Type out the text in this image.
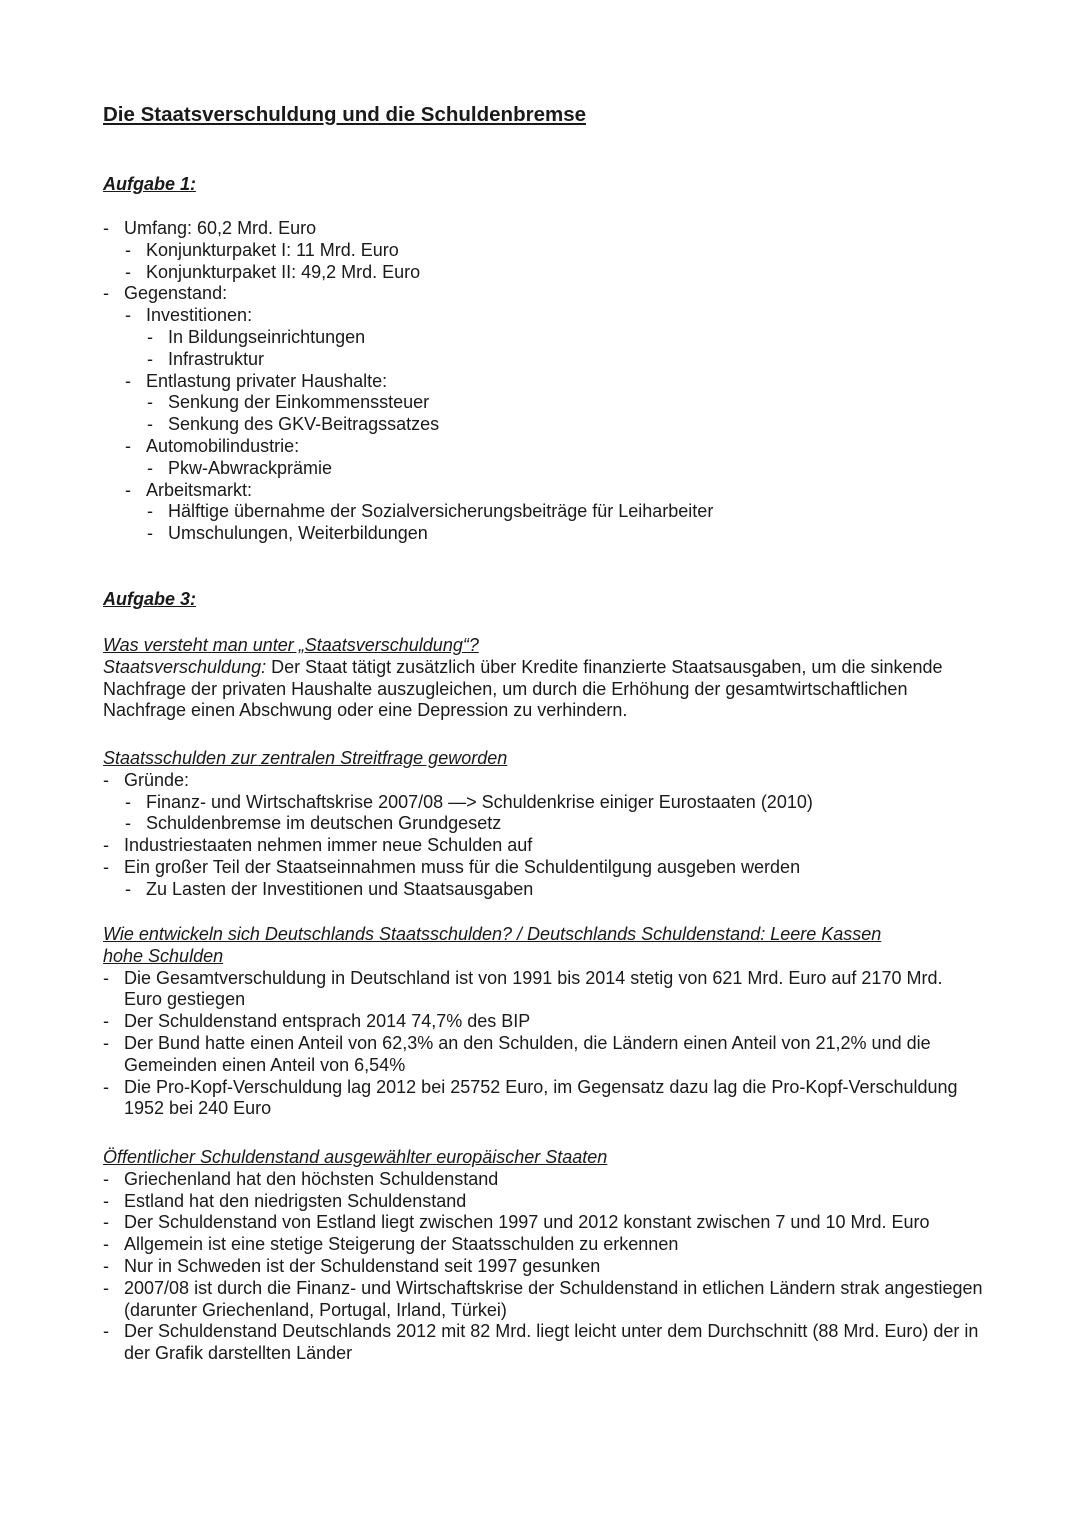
Die Staatsverschuldung und die Schuldenbremse
Aufgabe 1:
- Umfang: 60,2 Mrd. Euro
- Konjunkturpaket I: 11 Mrd. Euro
- Konjunkturpaket II: 49,2 Mrd. Euro
- Gegenstand:
- Investitionen:
- In Bildungseinrichtungen
- Infrastruktur
- Entlastung privater Haushalte:
- Senkung der Einkommenssteuer
- Senkung des GKV-Beitragssatzes
- Automobilindustrie:
- Pkw-Abwrackprämie
- Arbeitsmarkt:
- Hälftige übernahme der Sozialversicherungsbeiträge für Leiharbeiter
- Umschulungen, Weiterbildungen
Aufgabe 3:
Was versteht man unter „Staatsverschuldung“?
Staatsverschuldung: Der Staat tätigt zusätzlich über Kredite finanzierte Staatsausgaben, um die sinkende Nachfrage der privaten Haushalte auszugleichen, um durch die Erhöhung der gesamtwirtschaftlichen Nachfrage einen Abschwung oder eine Depression zu verhindern.
Staatsschulden zur zentralen Streitfrage geworden
- Gründe:
- Finanz- und Wirtschaftskrise 2007/08 —> Schuldenkrise einiger Eurostaaten (2010)
- Schuldenbremse im deutschen Grundgesetz
- Industriestaaten nehmen immer neue Schulden auf
- Ein großer Teil der Staatseinnahmen muss für die Schuldentilgung ausgeben werden
- Zu Lasten der Investitionen und Staatsausgaben
Wie entwickeln sich Deutschlands Staatsschulden? / Deutschlands Schuldenstand: Leere Kassen
hohe Schulden
- Die Gesamtverschuldung in Deutschland ist von 1991 bis 2014 stetig von 621 Mrd. Euro auf 2170 Mrd. Euro gestiegen
- Der Schuldenstand entsprach 2014 74,7% des BIP
- Der Bund hatte einen Anteil von 62,3% an den Schulden, die Ländern einen Anteil von 21,2% und die Gemeinden einen Anteil von 6,54%
- Die Pro-Kopf-Verschuldung lag 2012 bei 25752 Euro, im Gegensatz dazu lag die Pro-Kopf-Verschuldung 1952 bei 240 Euro
Öffentlicher Schuldenstand ausgewählter europäischer Staaten
- Griechenland hat den höchsten Schuldenstand
- Estland hat den niedrigsten Schuldenstand
- Der Schuldenstand von Estland liegt zwischen 1997 und 2012 konstant zwischen 7 und 10 Mrd. Euro
- Allgemein ist eine stetige Steigerung der Staatsschulden zu erkennen
- Nur in Schweden ist der Schuldenstand seit 1997 gesunken
- 2007/08 ist durch die Finanz- und Wirtschaftskrise der Schuldenstand in etlichen Ländern strak angestiegen (darunter Griechenland, Portugal, Irland, Türkei)
- Der Schuldenstand Deutschlands 2012 mit 82 Mrd. liegt leicht unter dem Durchschnitt (88 Mrd. Euro) der in der Grafik darstellten Länder
